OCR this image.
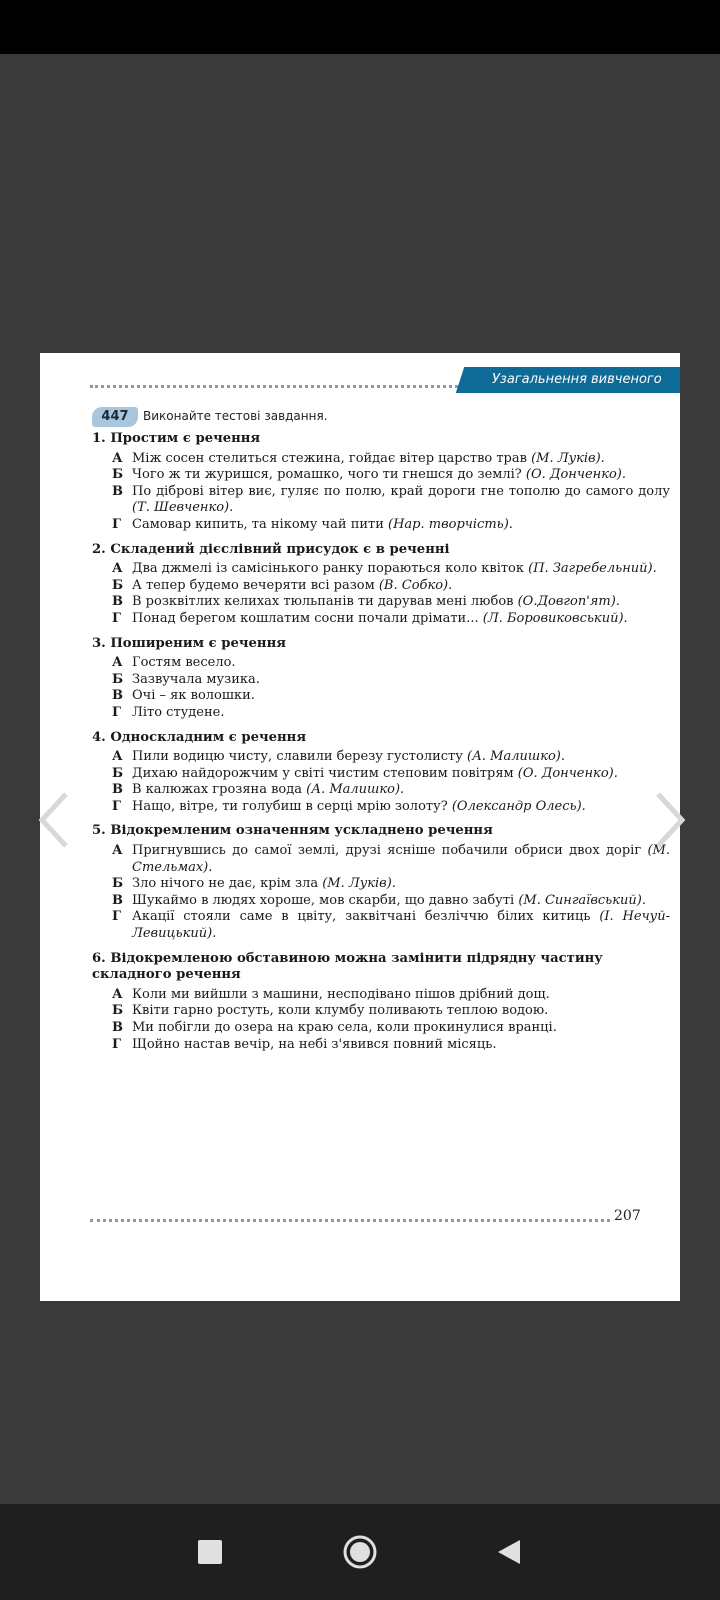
Узагальнення вивченого
447	Виконайте тестові завдання.
1. Простим є речення
А Між сосен стелиться стежина, гойдає вітер царство трав (М. Луків).
Б Чого ж ти журишся, ромашко, чого ти гнешся до землі? (О. Донченко).
В По діброві вітер виє, гуляє по полю, край дороги гне тополю до самого долу (Т. Шевченко).
Г Самовар кипить, та нікому чай пити (Нар. творчість).
2. Складений дієслівний присудок є в реченні
А Два джмелі із самісінького ранку пораються коло квіток (П. Загребельний).
Б А тепер будемо вечеряти всі разом (В. Собко).
В В розквітлих келихах тюльпанів ти дарував мені любов (О.Довгоп'ят).
Г Понад берегом кошлатим сосни почали дрімати... (Л. Боровиковський).
3. Поширеним є речення
А Гостям весело.
Б Зазвучала музика.
В Очі – як волошки.
Г Літо студене.
4. Односкладним є речення
А Пили водицю чисту, славили березу густолисту (А. Малишко).
Б Дихаю найдорожчим у світі чистим степовим повітрям (О. Донченко).
В В калюжах грозяна вода (А. Малишко).
Г Нащо, вітре, ти голубиш в серці мрію золоту? (Олександр Олесь).
5. Відокремленим означенням ускладнено речення
А Пригнувшись до самої землі, друзі ясніше побачили обриси двох доріг (М. Стельмах).
Б Зло нічого не дає, крім зла (М. Луків).
В Шукаймо в людях хороше, мов скарби, що давно забуті (М. Сингаївський).
Г Акації стояли саме в цвіту, заквітчані безліччю білих китиць (І. Нечуй-Левицький).
6. Відокремленою обставиною можна замінити підрядну частину складного речення
А Коли ми вийшли з машини, несподівано пішов дрібний дощ.
Б Квіти гарно ростуть, коли клумбу поливають теплою водою.
В Ми побігли до озера на краю села, коли прокинулися вранці.
Г Щойно настав вечір, на небі з'явився повний місяць.
207
